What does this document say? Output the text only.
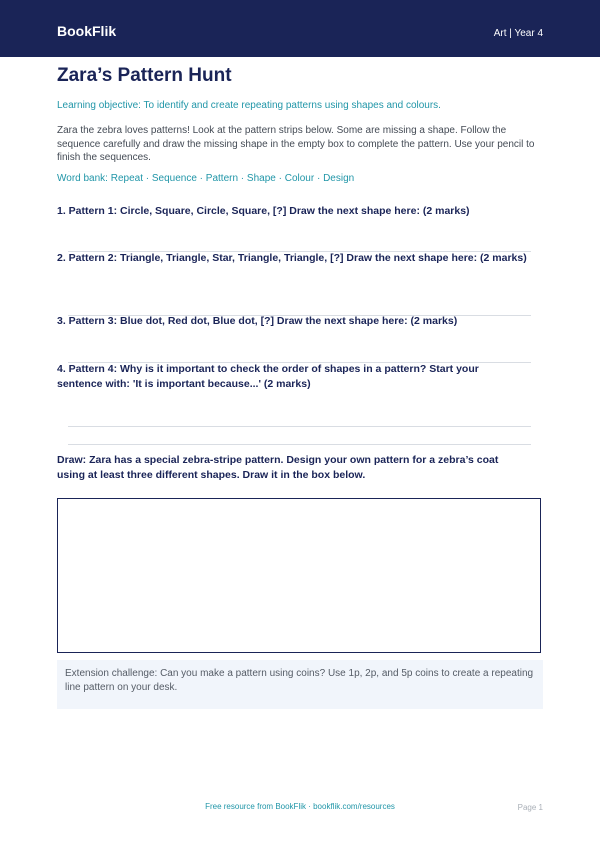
BookFlik	Art | Year 4
Zara’s Pattern Hunt
Learning objective: To identify and create repeating patterns using shapes and colours.

Zara the zebra loves patterns! Look at the pattern strips below. Some are missing a shape. Follow the sequence carefully and draw the missing shape in the empty box to complete the pattern. Use your pencil to finish the sequences.

Word bank: Repeat · Sequence · Pattern · Shape · Colour · Design

1. Pattern 1: Circle, Square, Circle, Square, [?] Draw the next shape here: (2 marks)

2. Pattern 2: Triangle, Triangle, Star, Triangle, Triangle, [?] Draw the next shape here: (2 marks)

3. Pattern 3: Blue dot, Red dot, Blue dot, [?] Draw the next shape here: (2 marks)

4. Pattern 4: Why is it important to check the order of shapes in a pattern? Start your sentence with: 'It is important because...' (2 marks)

Draw: Zara has a special zebra-stripe pattern. Design your own pattern for a zebra’s coat using at least three different shapes. Draw it in the box below.

Extension challenge: Can you make a pattern using coins? Use 1p, 2p, and 5p coins to create a repeating line pattern on your desk.
Free resource from BookFlik · bookflik.com/resources	Page 1
